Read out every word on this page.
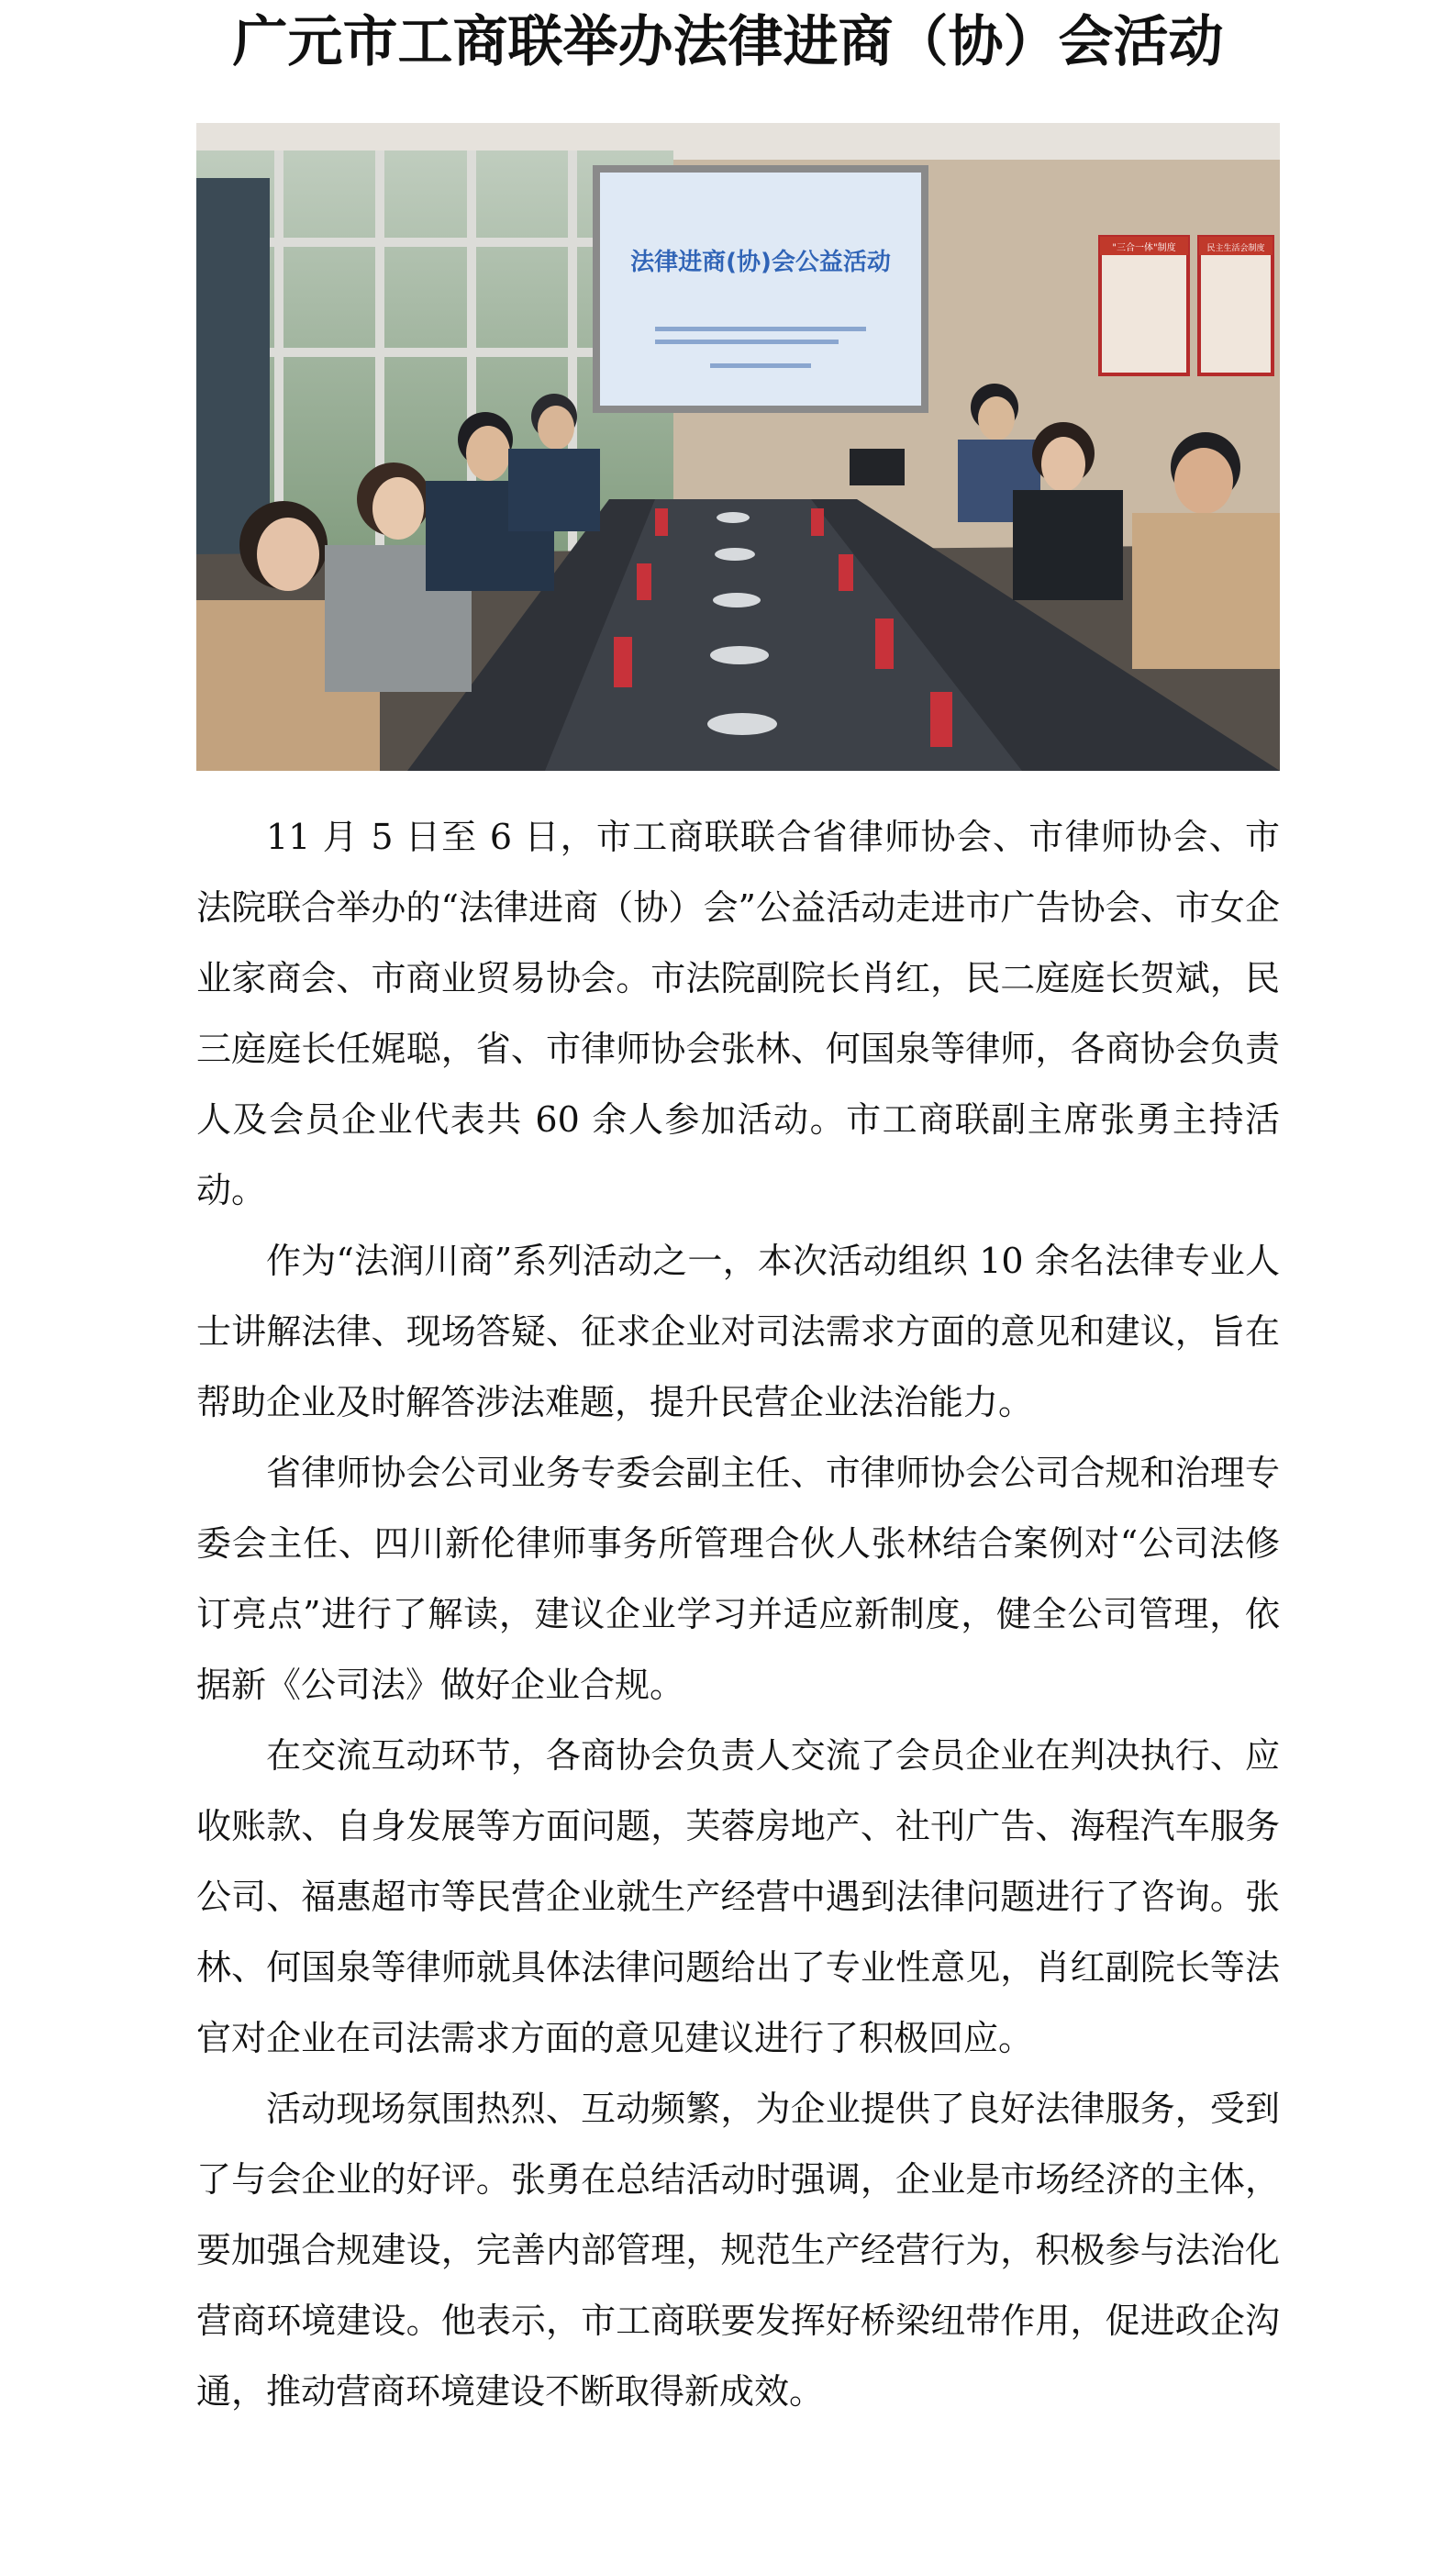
广元市工商联举办法律进商（协）会活动
法律进商(协)会公益活动
"三合一体"制度	民主生活会制度

11 月 5 日至 6 日，市工商联联合省律师协会、市律师协会、市法院联合举办的“法律进商（协）会”公益活动走进市广告协会、市女企业家商会、市商业贸易协会。市法院副院长肖红，民二庭庭长贺斌，民三庭庭长任娓聪，省、市律师协会张林、何国泉等律师，各商协会负责人及会员企业代表共 60 余人参加活动。市工商联副主席张勇主持活动。

作为“法润川商”系列活动之一，本次活动组织 10 余名法律专业人士讲解法律、现场答疑、征求企业对司法需求方面的意见和建议，旨在帮助企业及时解答涉法难题，提升民营企业法治能力。

省律师协会公司业务专委会副主任、市律师协会公司合规和治理专委会主任、四川新伦律师事务所管理合伙人张林结合案例对“公司法修订亮点”进行了解读，建议企业学习并适应新制度，健全公司管理，依据新《公司法》做好企业合规。

在交流互动环节，各商协会负责人交流了会员企业在判决执行、应收账款、自身发展等方面问题，芙蓉房地产、社刊广告、海程汽车服务公司、福惠超市等民营企业就生产经营中遇到法律问题进行了咨询。张林、何国泉等律师就具体法律问题给出了专业性意见，肖红副院长等法官对企业在司法需求方面的意见建议进行了积极回应。

活动现场氛围热烈、互动频繁，为企业提供了良好法律服务，受到了与会企业的好评。张勇在总结活动时强调，企业是市场经济的主体，要加强合规建设，完善内部管理，规范生产经营行为，积极参与法治化营商环境建设。他表示，市工商联要发挥好桥梁纽带作用，促进政企沟通，推动营商环境建设不断取得新成效。
